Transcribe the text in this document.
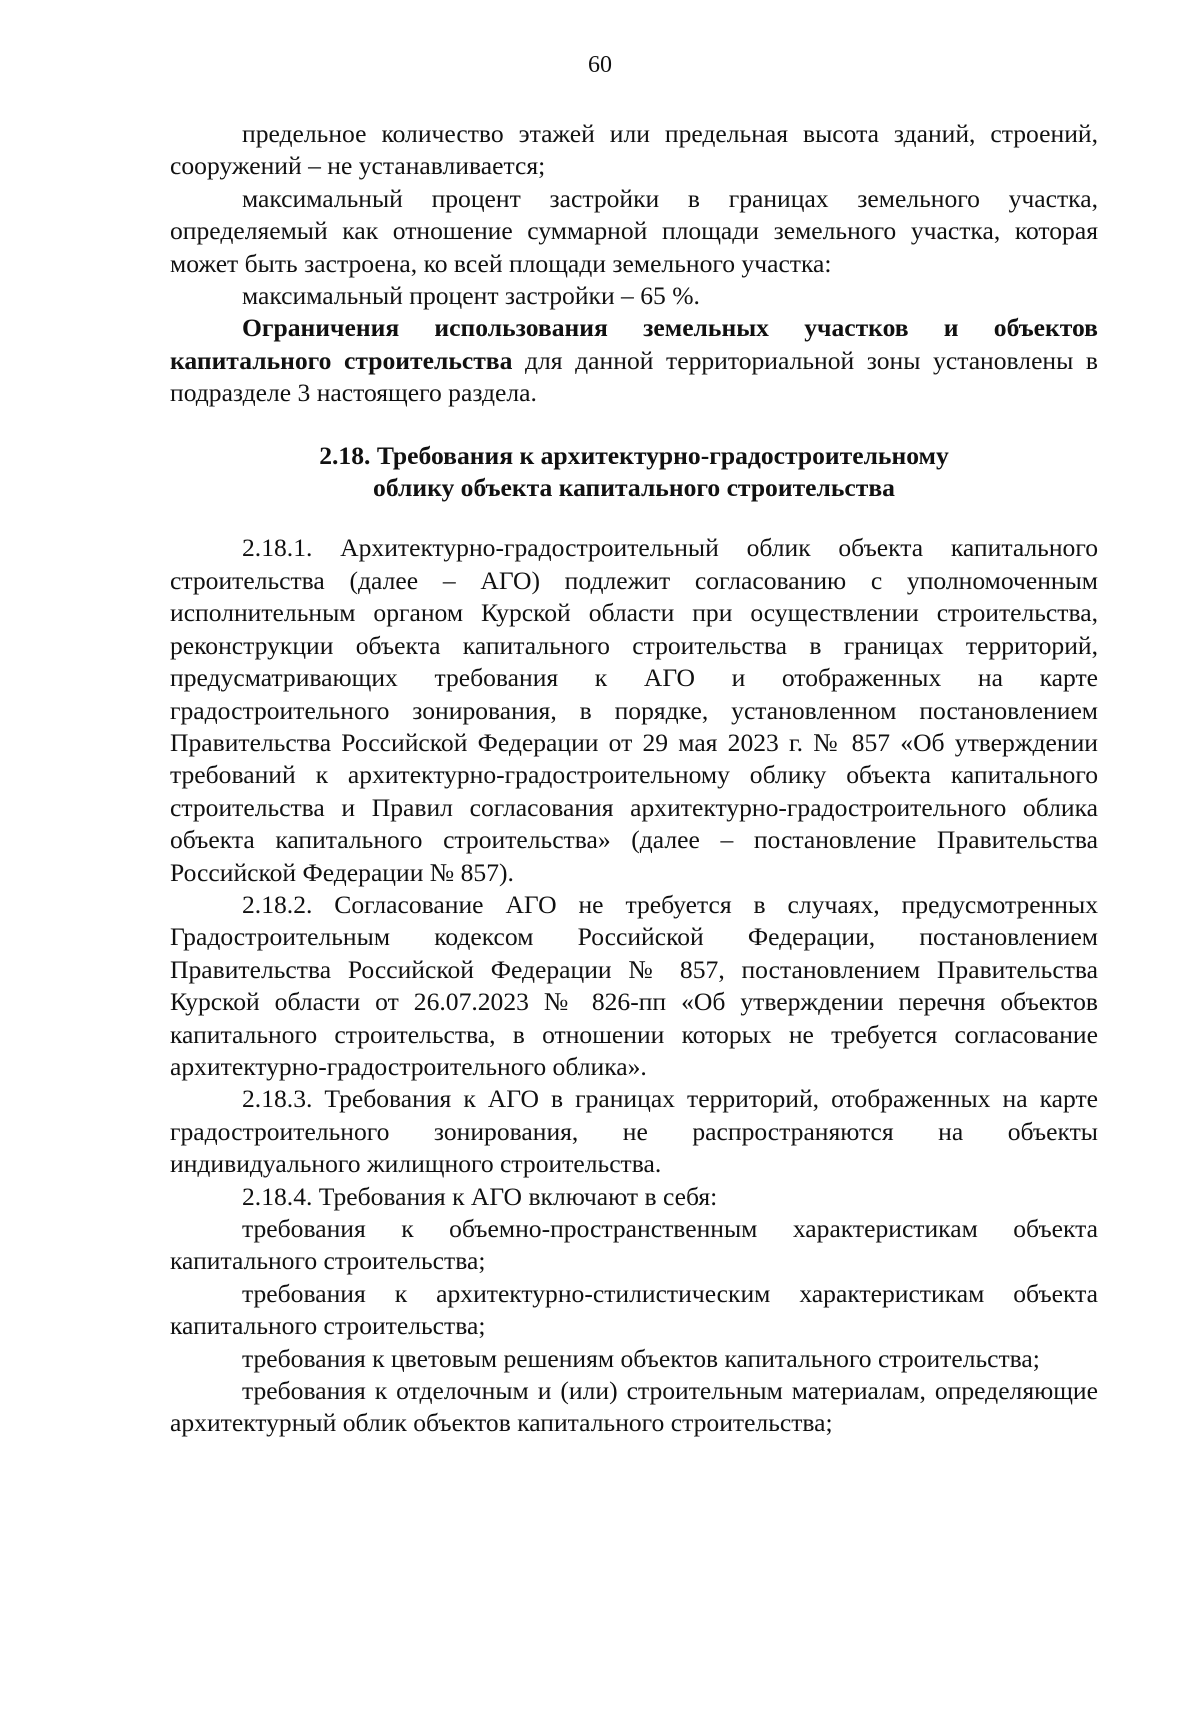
60

предельное количество этажей или предельная высота зданий, строений, сооружений – не устанавливается;

максимальный процент застройки в границах земельного участка, определяемый как отношение суммарной площади земельного участка, которая может быть застроена, ко всей площади земельного участка:

максимальный процент застройки – 65 %.

Ограничения использования земельных участков и объектов капитального строительства для данной территориальной зоны установлены в подразделе 3 настоящего раздела.

2.18. Требования к архитектурно-градостроительному
облику объекта капитального строительства

2.18.1. Архитектурно-градостроительный облик объекта капитального строительства (далее – АГО) подлежит согласованию с уполномоченным исполнительным органом Курской области при осуществлении строительства, реконструкции объекта капитального строительства в границах территорий, предусматривающих требования к АГО и отображенных на карте градостроительного зонирования, в порядке, установленном постановлением Правительства Российской Федерации от 29 мая 2023 г. № 857 «Об утверждении требований к архитектурно-градостроительному облику объекта капитального строительства и Правил согласования архитектурно-градостроительного облика объекта капитального строительства» (далее – постановление Правительства Российской Федерации № 857).

2.18.2. Согласование АГО не требуется в случаях, предусмотренных Градостроительным кодексом Российской Федерации, постановлением Правительства Российской Федерации № 857, постановлением Правительства Курской области от 26.07.2023 № 826-пп «Об утверждении перечня объектов капитального строительства, в отношении которых не требуется согласование архитектурно-градостроительного облика».

2.18.3. Требования к АГО в границах территорий, отображенных на карте градостроительного зонирования, не распространяются на объекты индивидуального жилищного строительства.

2.18.4. Требования к АГО включают в себя:

требования к объемно-пространственным характеристикам объекта капитального строительства;

требования к архитектурно-стилистическим характеристикам объекта капитального строительства;

требования к цветовым решениям объектов капитального строительства;

требования к отделочным и (или) строительным материалам, определяющие архитектурный облик объектов капитального строительства;
